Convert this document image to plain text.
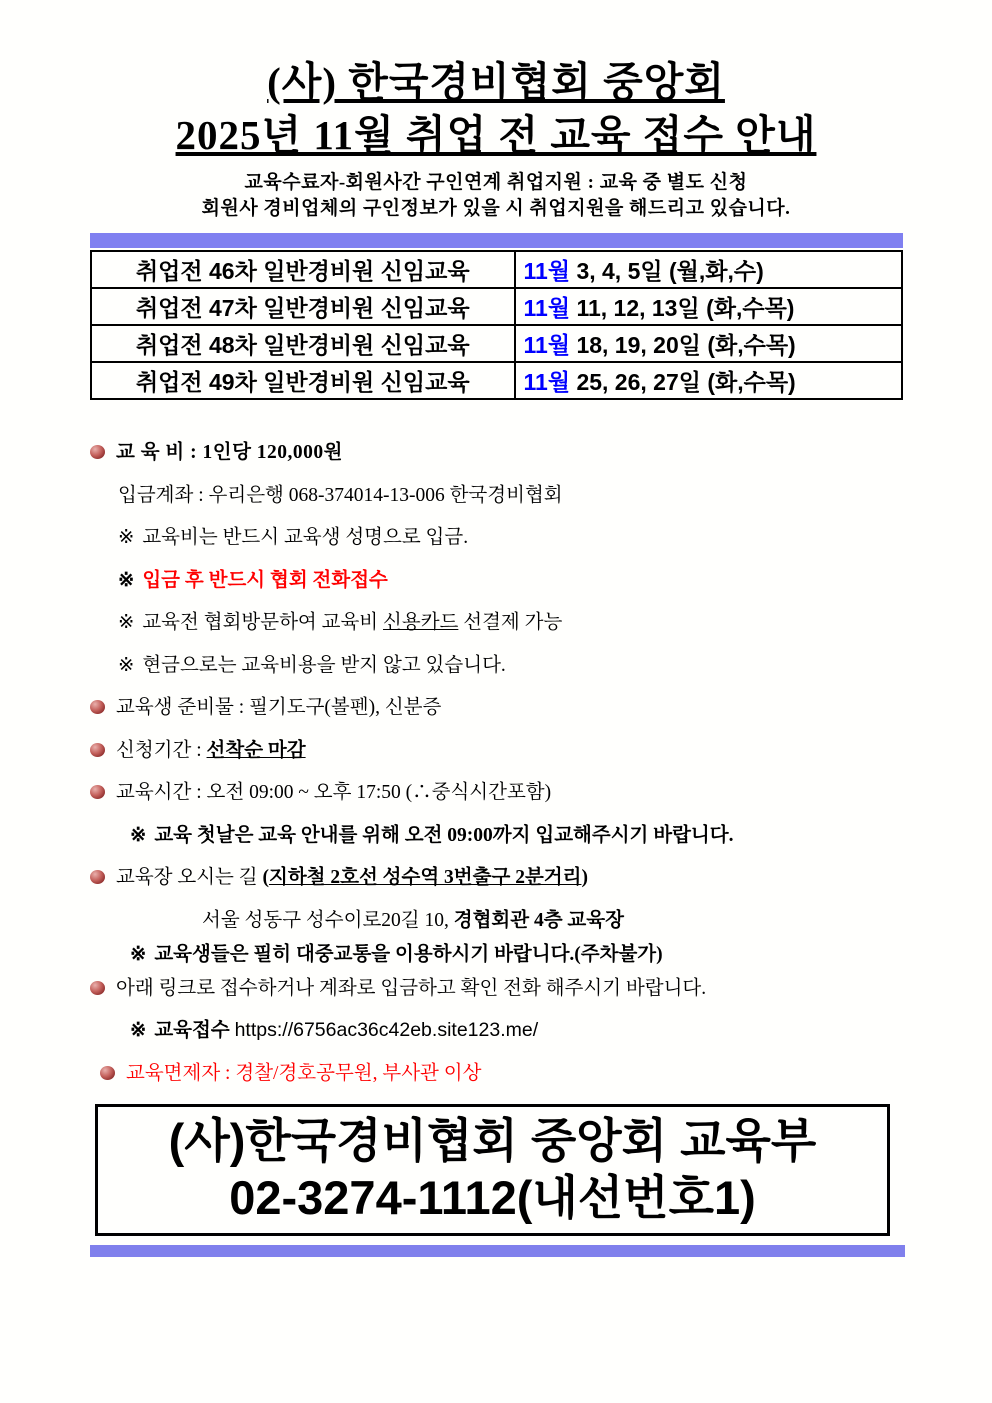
(사) 한국경비협회 중앙회
2025년 11월 취업 전 교육 접수 안내

교육수료자-회원사간 구인연계 취업지원 : 교육 중 별도 신청

회원사 경비업체의 구인정보가 있을 시 취업지원을 해드리고 있습니다.

취업전 46차 일반경비원 신임교육	11월 3, 4, 5일 (월,화,수)
취업전 47차 일반경비원 신임교육	11월 11, 12, 13일 (화,수목)
취업전 48차 일반경비원 신임교육	11월 18, 19, 20일 (화,수목)
취업전 49차 일반경비원 신임교육	11월 25, 26, 27일 (화,수목)
교 육 비 : 1인당 120,000원
입금계좌 : 우리은행 068-374014-13-006 한국경비협회
※ 교육비는 반드시 교육생 성명으로 입금.
※ 입금 후 반드시 협회 전화접수
※ 교육전 협회방문하여 교육비 신용카드 선결제 가능
※ 현금으로는 교육비용을 받지 않고 있습니다.
교육생 준비물 : 필기도구(볼펜), 신분증
신청기간 : 선착순 마감
교육시간 : 오전 09:00 ~ 오후 17:50 (∴중식시간포함)
※ 교육 첫날은 교육 안내를 위해 오전 09:00까지 입교해주시기 바랍니다.
교육장 오시는 길 (지하철 2호선 성수역 3번출구 2분거리)
서울 성동구 성수이로20길 10, 경협회관 4층 교육장
※ 교육생들은 필히 대중교통을 이용하시기 바랍니다.(주차불가)
아래 링크로 접수하거나 계좌로 입금하고 확인 전화 해주시기 바랍니다.
※ 교육접수 https://6756ac36c42eb.site123.me/
교육면제자 : 경찰/경호공무원, 부사관 이상

(사)한국경비협회 중앙회 교육부

02-3274-1112(내선번호1)
